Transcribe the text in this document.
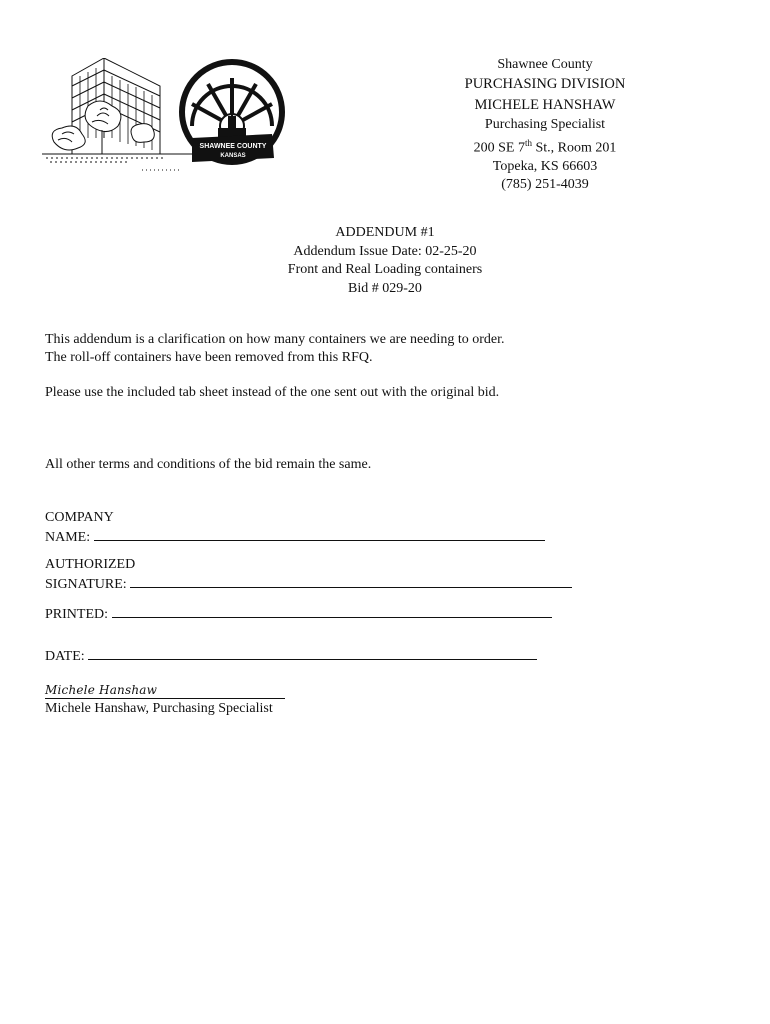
SHAWNEE COUNTY
KANSAS
Shawnee County
PURCHASING DIVISION
MICHELE HANSHAW
Purchasing Specialist
200 SE 7th St., Room 201
Topeka, KS 66603
(785) 251-4039
ADDENDUM #1
Addendum Issue Date: 02-25-20
Front and Real Loading containers
Bid # 029-20
This addendum is a clarification on how many containers we are needing to order.
The roll-off containers have been removed from this RFQ.
Please use the included tab sheet instead of the one sent out with the original bid.
All other terms and conditions of the bid remain the same.
COMPANY
NAME:
AUTHORIZED
SIGNATURE:
PRINTED:
DATE:
Michele Hanshaw
Michele Hanshaw, Purchasing Specialist
